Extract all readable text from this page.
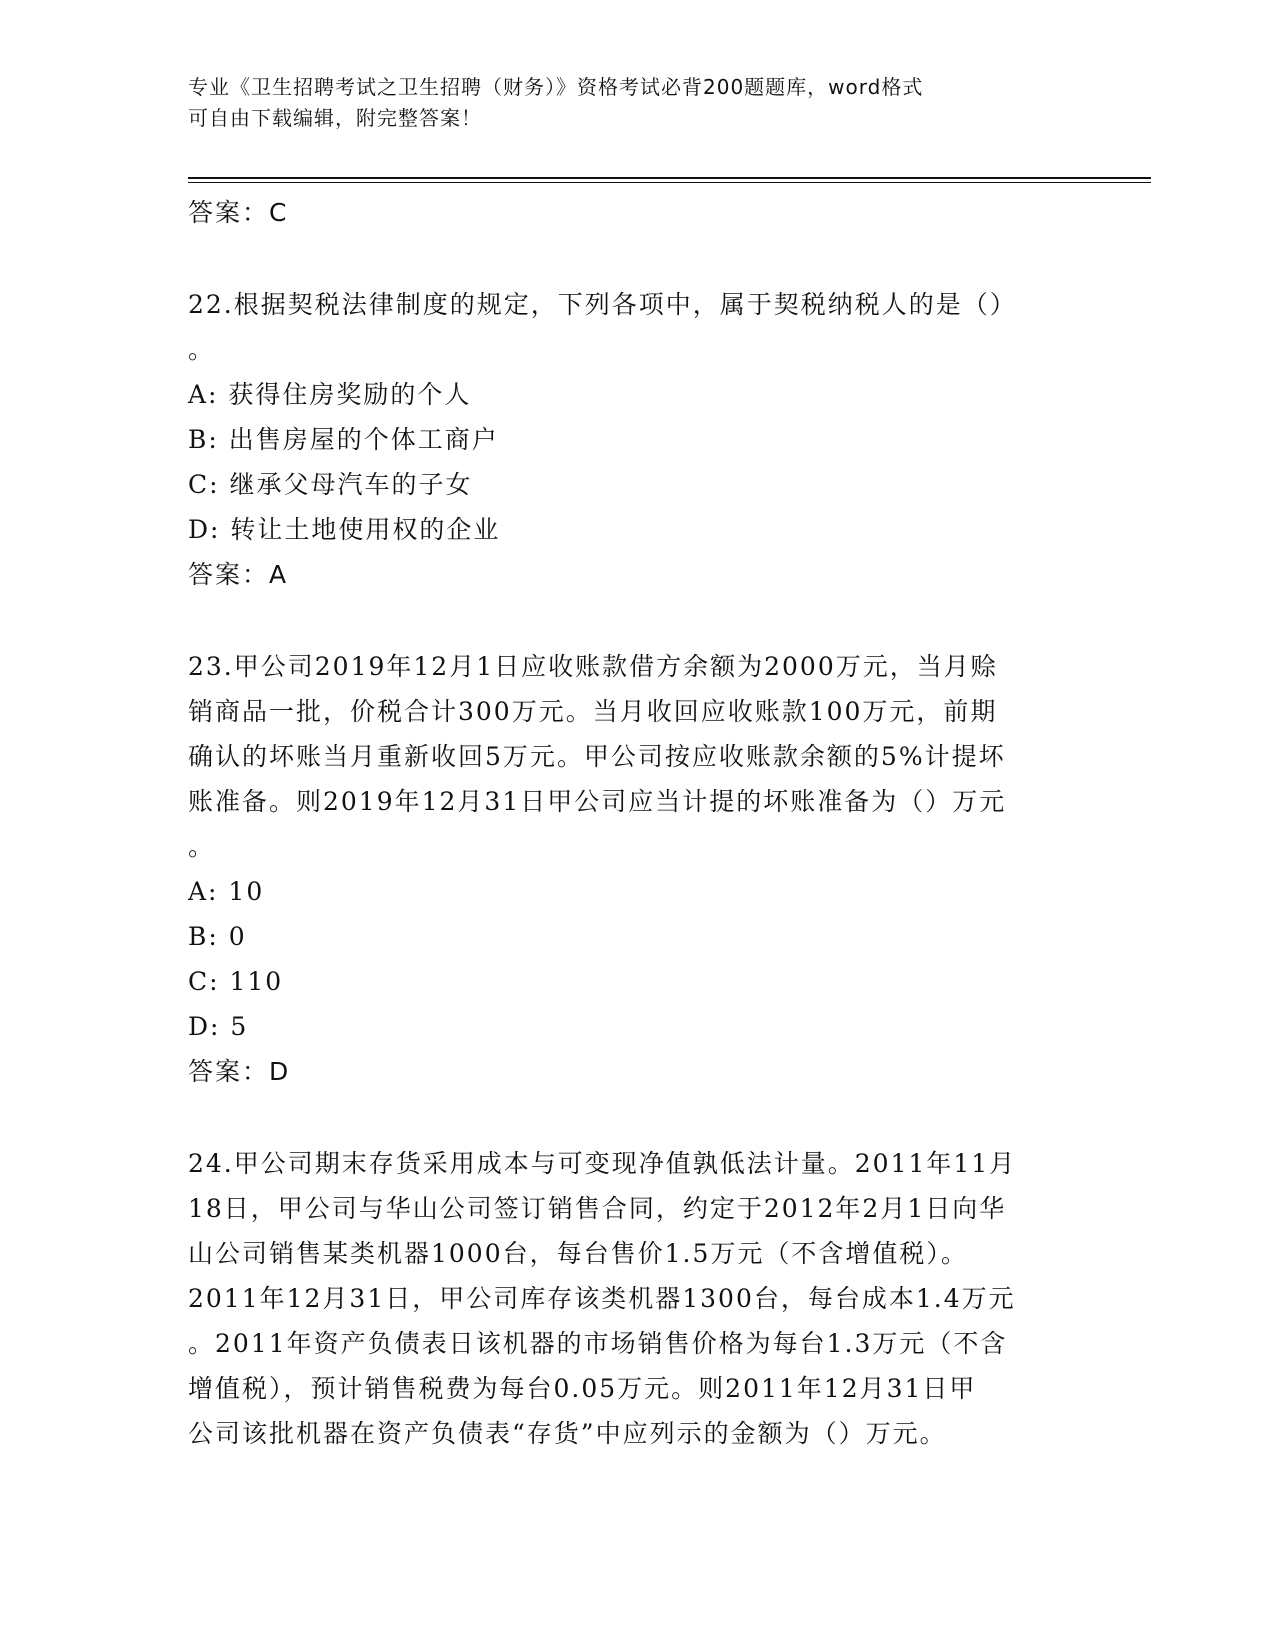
专业《卫生招聘考试之卫生招聘（财务）》资格考试必背200题题库，word格式
可自由下载编辑，附完整答案！
答案：C
22.根据契税法律制度的规定，下列各项中，属于契税纳税人的是（）
。
A: 获得住房奖励的个人
B: 出售房屋的个体工商户
C: 继承父母汽车的子女
D: 转让土地使用权的企业
答案：A
23.甲公司2019年12月1日应收账款借方余额为2000万元，当月赊
销商品一批，价税合计300万元。当月收回应收账款100万元，前期
确认的坏账当月重新收回5万元。甲公司按应收账款余额的5%计提坏
账准备。则2019年12月31日甲公司应当计提的坏账准备为（）万元
。
A: 10
B: 0
C: 110
D: 5
答案：D
24.甲公司期末存货采用成本与可变现净值孰低法计量。2011年11月
18日，甲公司与华山公司签订销售合同，约定于2012年2月1日向华
山公司销售某类机器1000台，每台售价1.5万元（不含增值税）。
2011年12月31日，甲公司库存该类机器1300台，每台成本1.4万元
。2011年资产负债表日该机器的市场销售价格为每台1.3万元（不含
增值税），预计销售税费为每台0.05万元。则2011年12月31日甲
公司该批机器在资产负债表“存货”中应列示的金额为（）万元。
